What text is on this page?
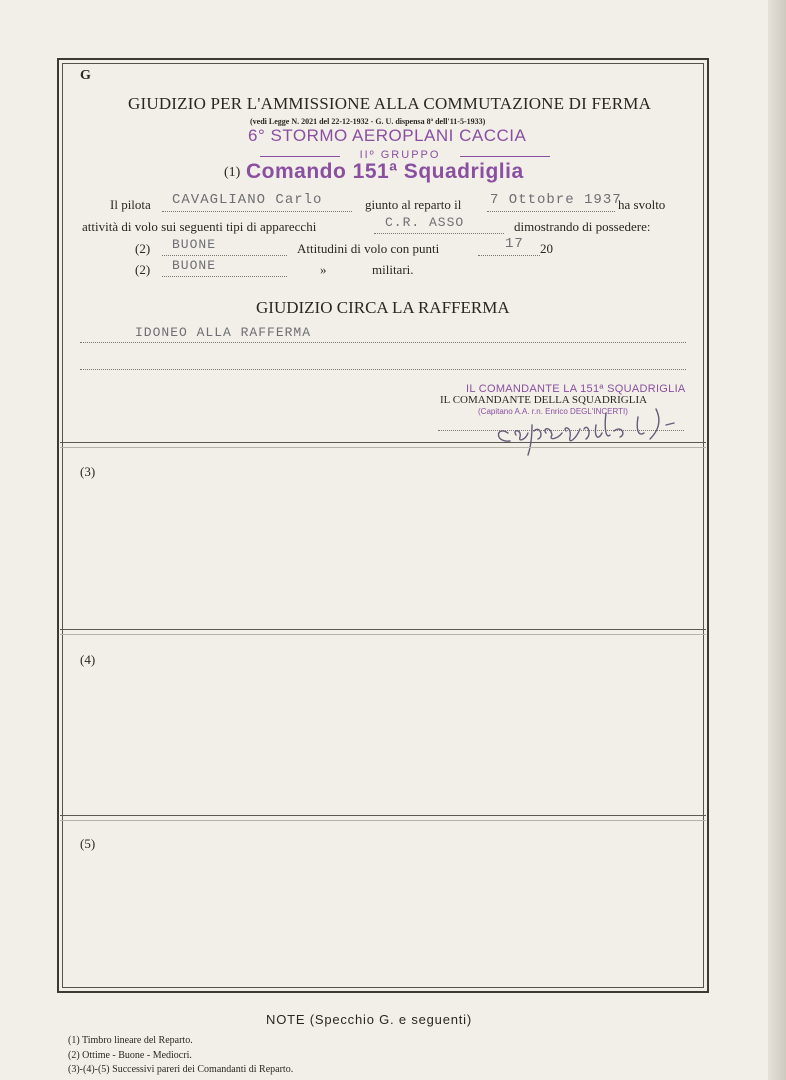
G
GIUDIZIO PER L'AMMISSIONE ALLA COMMUTAZIONE DI FERMA
(vedi Legge N. 2021 del 22-12-1932 - G. U. dispensa 8ª dell'11-5-1933)
6° STORMO AEROPLANI CACCIA
IIº GRUPPO
(1) Comando 151ª Squadriglia
Il pilota CAVAGLIANO Carlo	giunto al reparto il 7 Ottobre 1937
ha svolto
attività di volo sui seguenti tipi di apparecchi	C.R. ASSO	dimostrando di possedere:
(2) BUONE	Attitudini di volo con punti	17 20
(2) BUONE	»	militari.
GIUDIZIO CIRCA LA RAFFERMA
IDONEO ALLA RAFFERMA
IL COMANDANTE LA 151ª SQUADRIGLIA
IL COMANDANTE DELLA SQUADRIGLIA
(Capitano A.A. r.n. Enrico DEGL'INCERTI)
(3)
(4)
(5)
NOTE (Specchio G. e seguenti)
(1) Timbro lineare del Reparto.
(2) Ottime - Buone - Mediocri.
(3)-(4)-(5) Successivi pareri dei Comandanti di Reparto.
